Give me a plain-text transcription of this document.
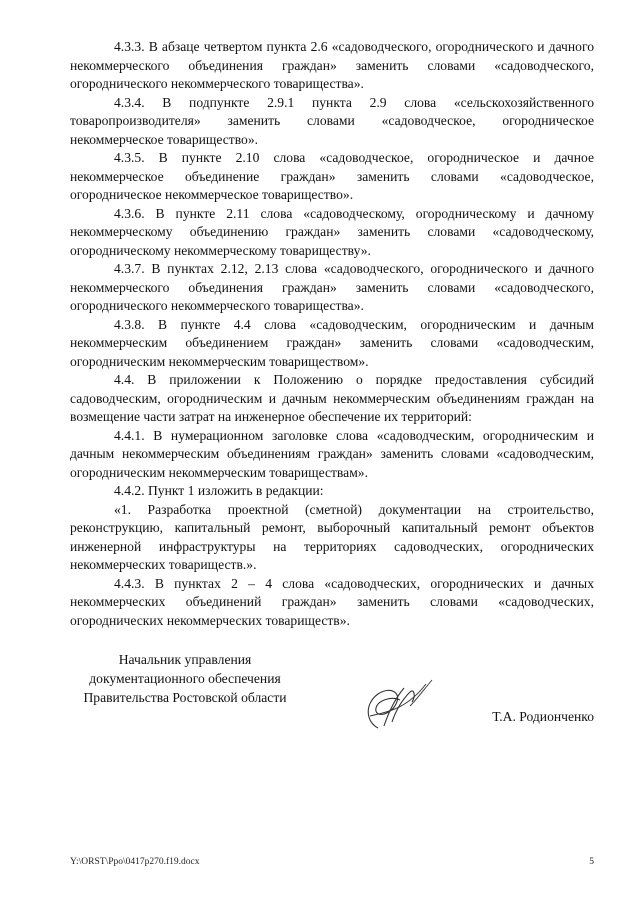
4.3.3. В абзаце четвертом пункта 2.6 «садоводческого, огороднического и дачного некоммерческого объединения граждан» заменить словами «садоводческого, огороднического некоммерческого товарищества».

4.3.4. В подпункте 2.9.1 пункта 2.9 слова «сельскохозяйственного товаропроизводителя» заменить словами «садоводческое, огородническое некоммерческое товарищество».

4.3.5. В пункте 2.10 слова «садоводческое, огородническое и дачное некоммерческое объединение граждан» заменить словами «садоводческое, огородническое некоммерческое товарищество».

4.3.6. В пункте 2.11 слова «садоводческому, огородническому и дачному некоммерческому объединению граждан» заменить словами «садоводческому, огородническому некоммерческому товариществу».

4.3.7. В пунктах 2.12, 2.13 слова «садоводческого, огороднического и дачного некоммерческого объединения граждан» заменить словами «садоводческого, огороднического некоммерческого товарищества».

4.3.8. В пункте 4.4 слова «садоводческим, огородническим и дачным некоммерческим объединением граждан» заменить словами «садоводческим, огородническим некоммерческим товариществом».

4.4. В приложении к Положению о порядке предоставления субсидий садоводческим, огородническим и дачным некоммерческим объединениям граждан на возмещение части затрат на инженерное обеспечение их территорий:

4.4.1. В нумерационном заголовке слова «садоводческим, огородническим и дачным некоммерческим объединениям граждан» заменить словами «садоводческим, огородническим некоммерческим товариществам».

4.4.2. Пункт 1 изложить в редакции:

«1. Разработка проектной (сметной) документации на строительство, реконструкцию, капитальный ремонт, выборочный капитальный ремонт объектов инженерной инфраструктуры на территориях садоводческих, огороднических некоммерческих товариществ.».

4.4.3. В пунктах 2 – 4 слова «садоводческих, огороднических и дачных некоммерческих объединений граждан» заменить словами «садоводческих, огороднических некоммерческих товариществ».

Начальник управления
документационного обеспечения
Правительства Ростовской области
Т.А. Родионченко
Y:\ORST\Ppo\0417p270.f19.docx	5
